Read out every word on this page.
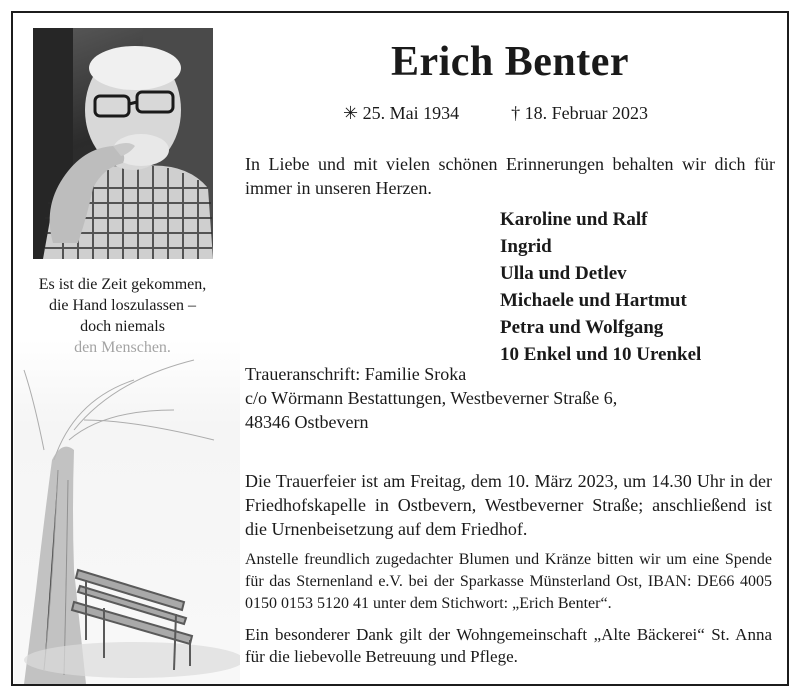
Es ist die Zeit gekommen,
die Hand loszulassen –
doch niemals
Erich Benter
✳ 25. Mai 1934	† 18. Februar 2023
In Liebe und mit vielen schönen Erinnerungen behalten wir dich für immer in unseren Herzen.
Karoline und Ralf
Ingrid
Ulla und Detlev
Michaele und Hartmut
Petra und Wolfgang
10 Enkel und 10 Urenkel
Traueranschrift: Familie Sroka
c/o Wörmann Bestattungen, Westbeverner Straße 6,
48346 Ostbevern
Die Trauerfeier ist am Freitag, dem 10. März 2023, um 14.30 Uhr in der Friedhofskapelle in Ostbevern, Westbeverner Straße; anschließend ist die Urnenbeisetzung auf dem Friedhof.
Anstelle freundlich zugedachter Blumen und Kränze bitten wir um eine Spende für das Sternenland e.V. bei der Sparkasse Münsterland Ost, IBAN: DE66 4005 0150 0153 5120 41 unter dem Stichwort: „Erich Benter“.
Ein besonderer Dank gilt der Wohngemeinschaft „Alte Bäckerei“ St. Anna für die liebevolle Betreuung und Pflege.
